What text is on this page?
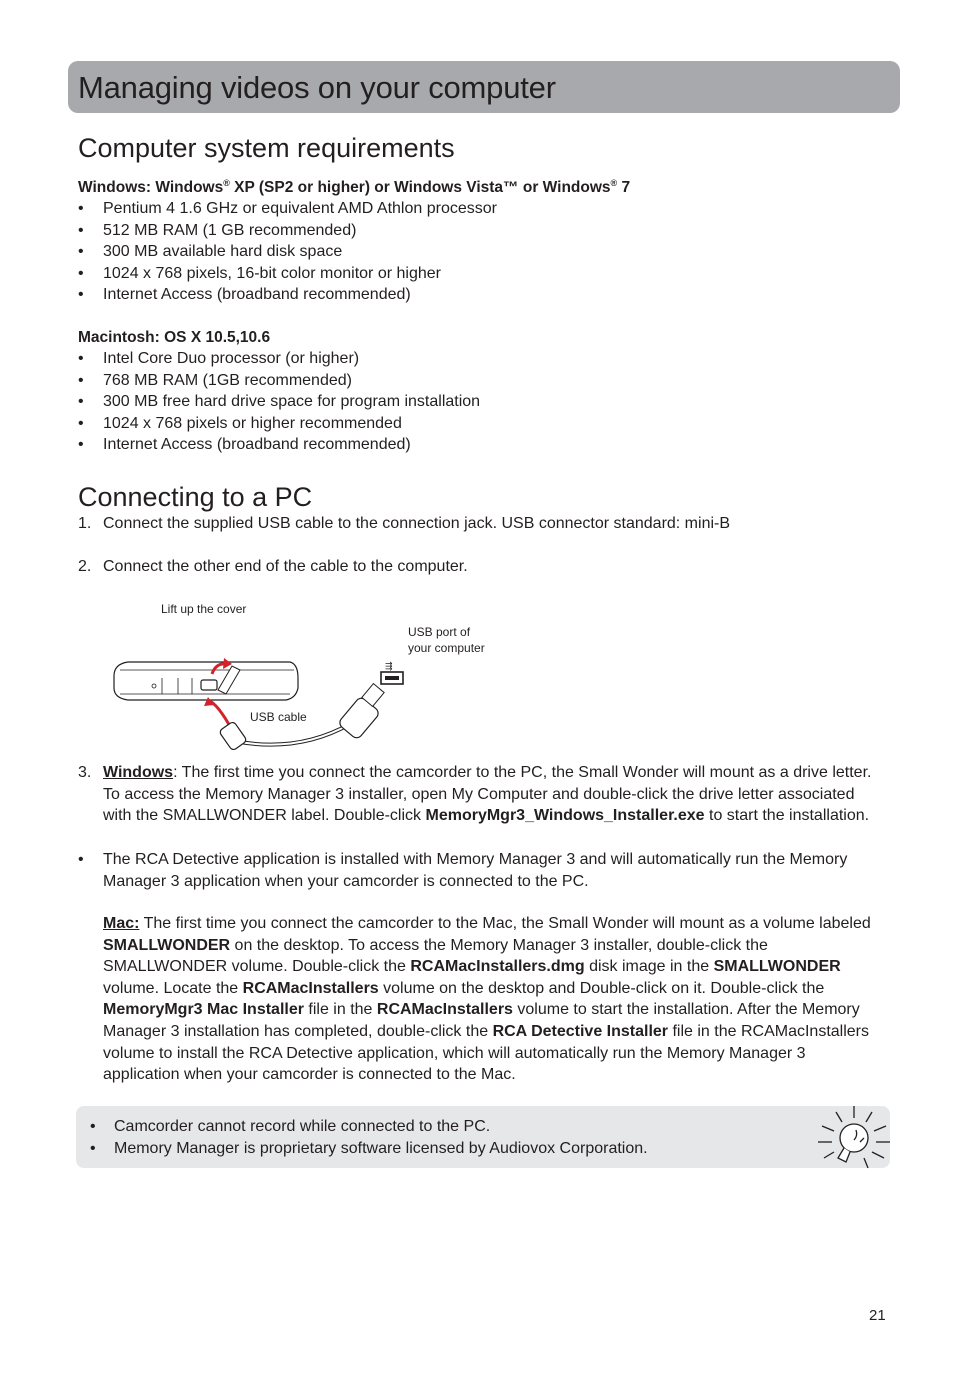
Managing videos on your computer
Computer system requirements

Windows: Windows® XP (SP2 or higher) or Windows Vista™ or Windows® 7

• Pentium 4 1.6 GHz or equivalent AMD Athlon processor
• 512 MB RAM (1 GB recommended)
• 300 MB available hard disk space
• 1024 x 768 pixels, 16-bit color monitor or higher
• Internet Access (broadband recommended)

Macintosh: OS X 10.5,10.6

• Intel Core Duo processor (or higher)
• 768 MB RAM (1GB recommended)
• 300 MB free hard drive space for program installation
• 1024 x 768 pixels or higher recommended
• Internet Access (broadband recommended)
Connecting to a PC
1. Connect the supplied USB cable to the connection jack. USB connector standard: mini-B
2. Connect the other end of the cable to the computer.
Lift up the cover
USB port of
your computer
USB cable
⇶
3. Windows: The first time you connect the camcorder to the PC, the Small Wonder will mount as a drive letter. To access the Memory Manager 3 installer, open My Computer and double-click the drive letter associated with the SMALLWONDER label. Double-click MemoryMgr3_Windows_Installer.exe to start the installation.
• The RCA Detective application is installed with Memory Manager 3 and will automatically run the Memory Manager 3 application when your camcorder is connected to the PC.
Mac: The first time you connect the camcorder to the Mac, the Small Wonder will mount as a volume labeled SMALLWONDER on the desktop. To access the Memory Manager 3 installer, double-click the SMALLWONDER volume. Double-click the RCAMacInstallers.dmg disk image in the SMALLWONDER volume. Locate the RCAMacInstallers volume on the desktop and Double-click on it. Double-click the MemoryMgr3 Mac Installer file in the RCAMacInstallers volume to start the installation. After the Memory Manager 3 installation has completed, double-click the RCA Detective Installer file in the RCAMacInstallers volume to install the RCA Detective application, which will automatically run the Memory Manager 3 application when your camcorder is connected to the Mac.
• Camcorder cannot record while connected to the PC.
• Memory Manager is proprietary software licensed by Audiovox Corporation.
21
